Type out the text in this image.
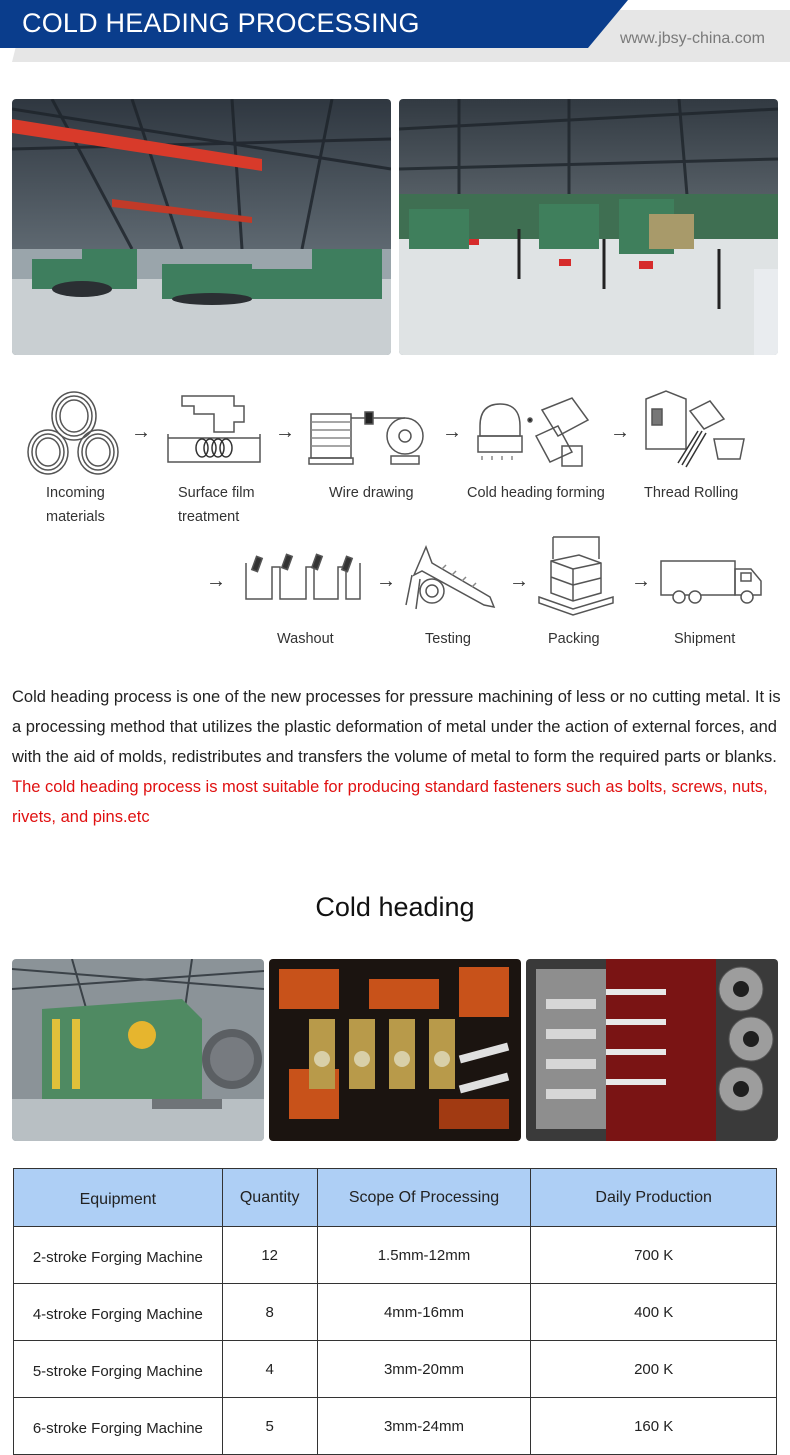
COLD HEADING PROCESSING
www.jbsy-china.com
→	→	→	→
Incoming
materials
Surface film
treatment
Wire drawing	Cold heading forming	Thread Rolling
→	→	→	→
Washout	Testing	Packing	Shipment
Cold heading process is one of the new processes for pressure machining of less or no cutting metal. It is a processing method that utilizes the plastic deformation of metal under the action of external forces, and with the aid of molds, redistributes and transfers the volume of metal to form the required parts or blanks. The cold heading process is most suitable for producing standard fasteners such as bolts, screws, nuts, rivets, and pins.etc
Cold heading
Equipment	Quantity	Scope Of Processing	Daily Production
2-stroke Forging Machine	12	1.5mm-12mm	700 K
4-stroke Forging Machine	8	4mm-16mm	400 K
5-stroke Forging Machine	4	3mm-20mm	200 K
6-stroke Forging Machine	5	3mm-24mm	160 K
